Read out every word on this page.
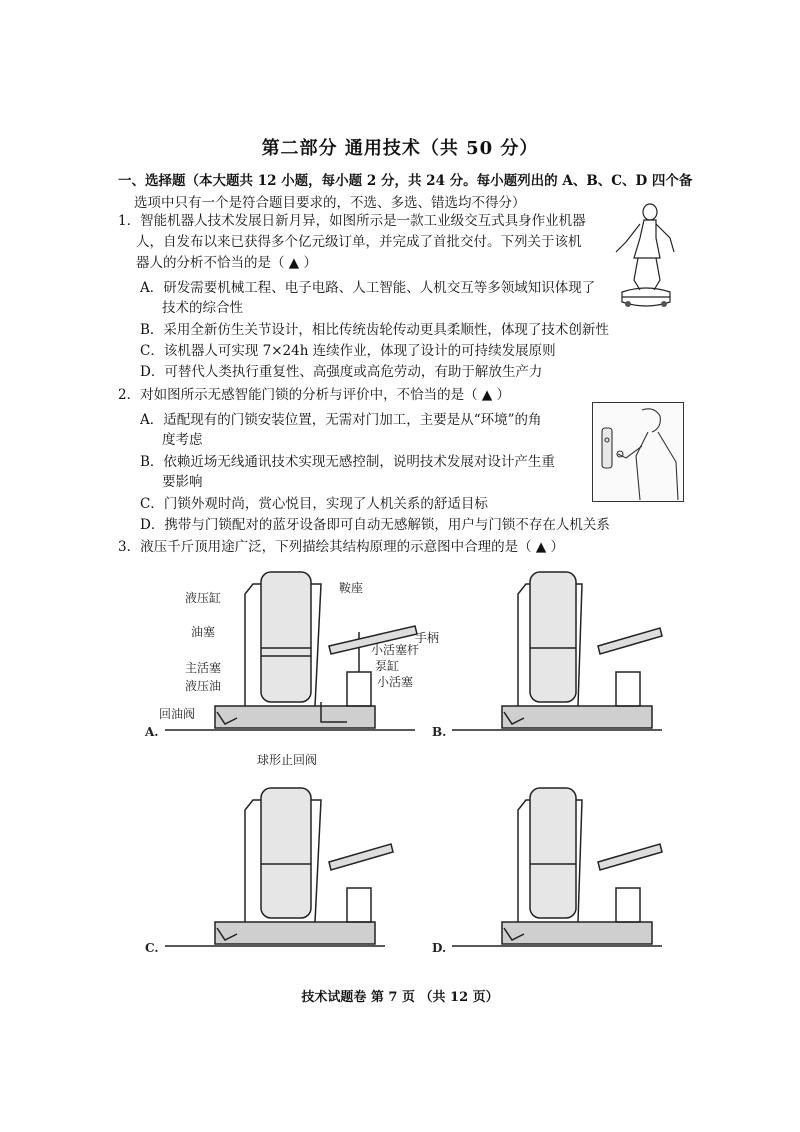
第二部分 通用技术（共 50 分）
一、选择题（本大题共 12 小题，每小题 2 分，共 24 分。每小题列出的 A、B、C、D 四个备
选项中只有一个是符合题目要求的，不选、多选、错选均不得分）
1．智能机器人技术发展日新月异，如图所示是一款工业级交互式具身作业机器
人，自发布以来已获得多个亿元级订单，并完成了首批交付。下列关于该机
器人的分析不恰当的是（ ▲ ）
A．研发需要机械工程、电子电路、人工智能、人机交互等多领域知识体现了
技术的综合性
B．采用全新仿生关节设计，相比传统齿轮传动更具柔顺性，体现了技术创新性
C．该机器人可实现 7×24h 连续作业，体现了设计的可持续发展原则
D．可替代人类执行重复性、高强度或高危劳动，有助于解放生产力
2．对如图所示无感智能门锁的分析与评价中，不恰当的是（ ▲ ）
A．适配现有的门锁安装位置，无需对门加工，主要是从“环境”的角
度考虑
B．依赖近场无线通讯技术实现无感控制，说明技术发展对设计产生重
要影响
C．门锁外观时尚，赏心悦目，实现了人机关系的舒适目标
D．携带与门锁配对的蓝牙设备即可自动无感解锁，用户与门锁不存在人机关系
3．液压千斤顶用途广泛，下列描绘其结构原理的示意图中合理的是（ ▲ ）
鞍座
液压缸
油塞
主活塞
液压油
回油阀
手柄
小活塞杆
泵缸
小活塞
球形止回阀
A.	B.
C.	D.
技术试题卷 第 7 页 （共 12 页）
